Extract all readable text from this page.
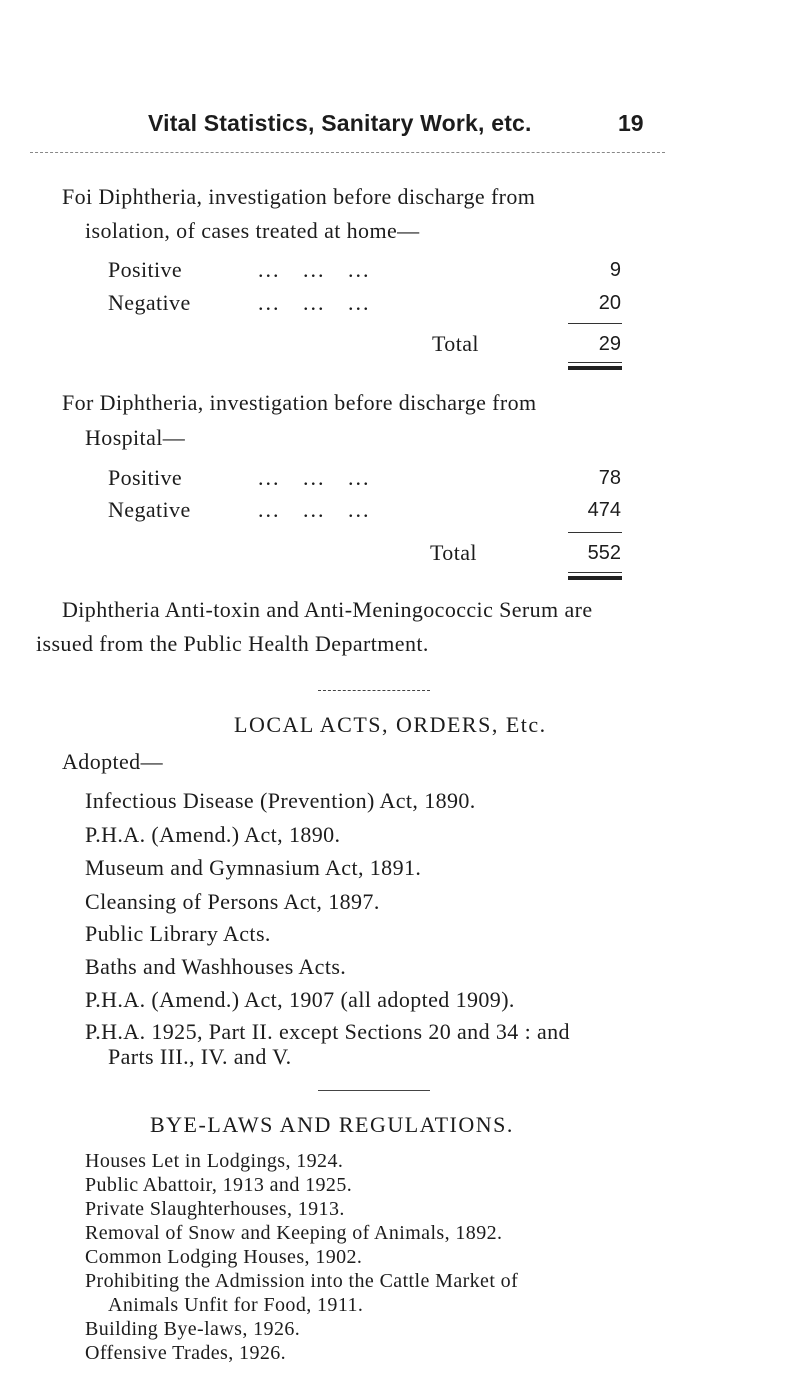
Vital Statistics, Sanitary Work, etc.	19
Foi Diphtheria, investigation before discharge from
isolation, of cases treated at home—
Positive	...   ...   ...	9
Negative	...   ...   ...	20
Total	29
For Diphtheria, investigation before discharge from
Hospital—
Positive	...   ...   ...	78
Negative	...   ...   ...	474
Total	552
Diphtheria Anti-toxin and Anti-Meningococcic Serum are
issued from the Public Health Department.
LOCAL ACTS, ORDERS, Etc.
Adopted—
Infectious Disease (Prevention) Act, 1890.
P.H.A. (Amend.) Act, 1890.
Museum and Gymnasium Act, 1891.
Cleansing of Persons Act, 1897.
Public Library Acts.
Baths and Washhouses Acts.
P.H.A. (Amend.) Act, 1907 (all adopted 1909).
P.H.A. 1925, Part II. except Sections 20 and 34 : and
Parts III., IV. and V.
BYE-LAWS AND REGULATIONS.
Houses Let in Lodgings, 1924.
Public Abattoir, 1913 and 1925.
Private Slaughterhouses, 1913.
Removal of Snow and Keeping of Animals, 1892.
Common Lodging Houses, 1902.
Prohibiting the Admission into the Cattle Market of
Animals Unfit for Food, 1911.
Building Bye-laws, 1926.
Offensive Trades, 1926.
